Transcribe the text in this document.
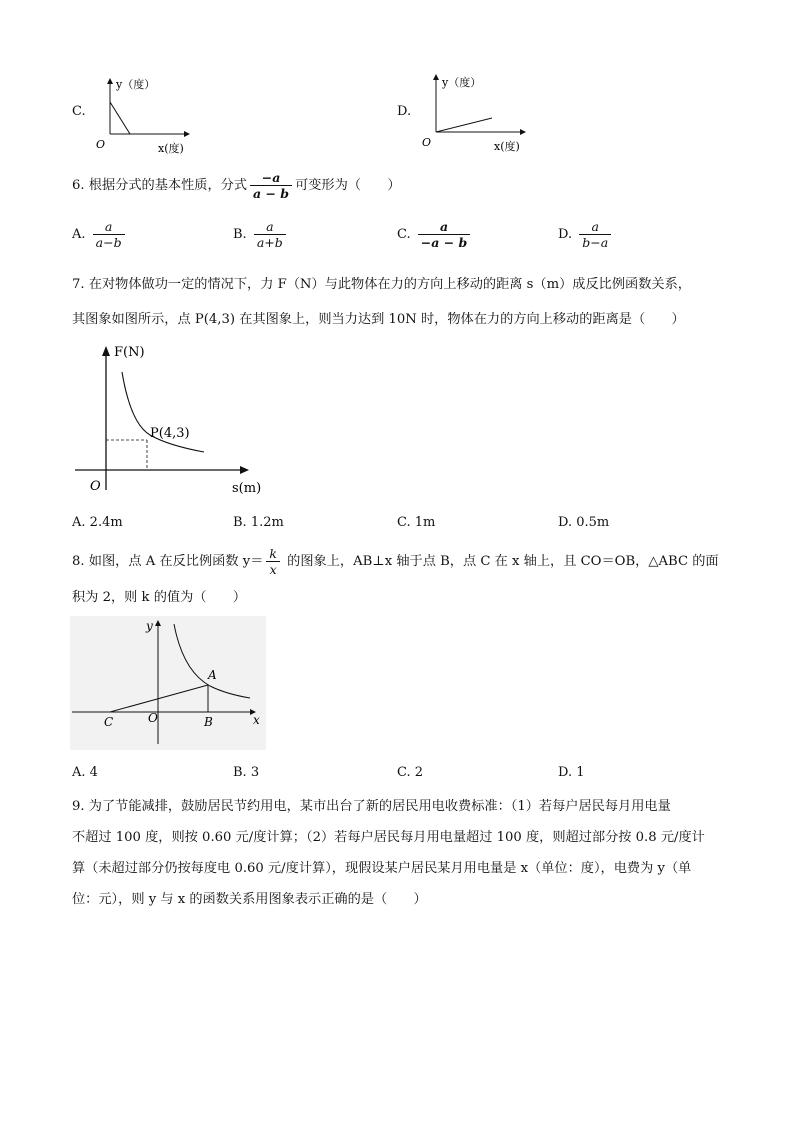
C.
y（度）
O	x(度)
D.
y（度）
O	x(度)
6. 根据分式的基本性质，分式 $\frac{-a}{a - b}$ 可变形为（　　）
A. $\frac{a}{a-b}$	B. $\frac{a}{a+b}$	C. $\frac{a}{-a - b}$	D. $\frac{a}{b-a}$
7. 在对物体做功一定的情况下，力 F（N）与此物体在力的方向上移动的距离 s（m）成反比例函数关系，
其图象如图所示，点 P(4,3) 在其图象上，则当力达到 10N 时，物体在力的方向上移动的距离是（　　）
F(N)
P(4,3)
O	s(m)
A. 2.4m	B. 1.2m	C. 1m	D. 0.5m
8. 如图，点 A 在反比例函数 $y= \frac{k}{x}$ 的图象上，AB⊥x 轴于点 B，点 C 在 x 轴上，且 CO＝OB，△ABC 的面
积为 2，则 k 的值为（　　）
y
A
C	O	B	x
A. 4	B. 3	C. 2	D. 1
9. 为了节能减排，鼓励居民节约用电，某市出台了新的居民用电收费标准：（1）若每户居民每月用电量
不超过 100 度，则按 0.60 元/度计算；（2）若每户居民每月用电量超过 100 度，则超过部分按 0.8 元/度计
算（未超过部分仍按每度电 0.60 元/度计算），现假设某户居民某月用电量是 x（单位：度），电费为 y（单
位：元），则 y 与 x 的函数关系用图象表示正确的是（　　）
